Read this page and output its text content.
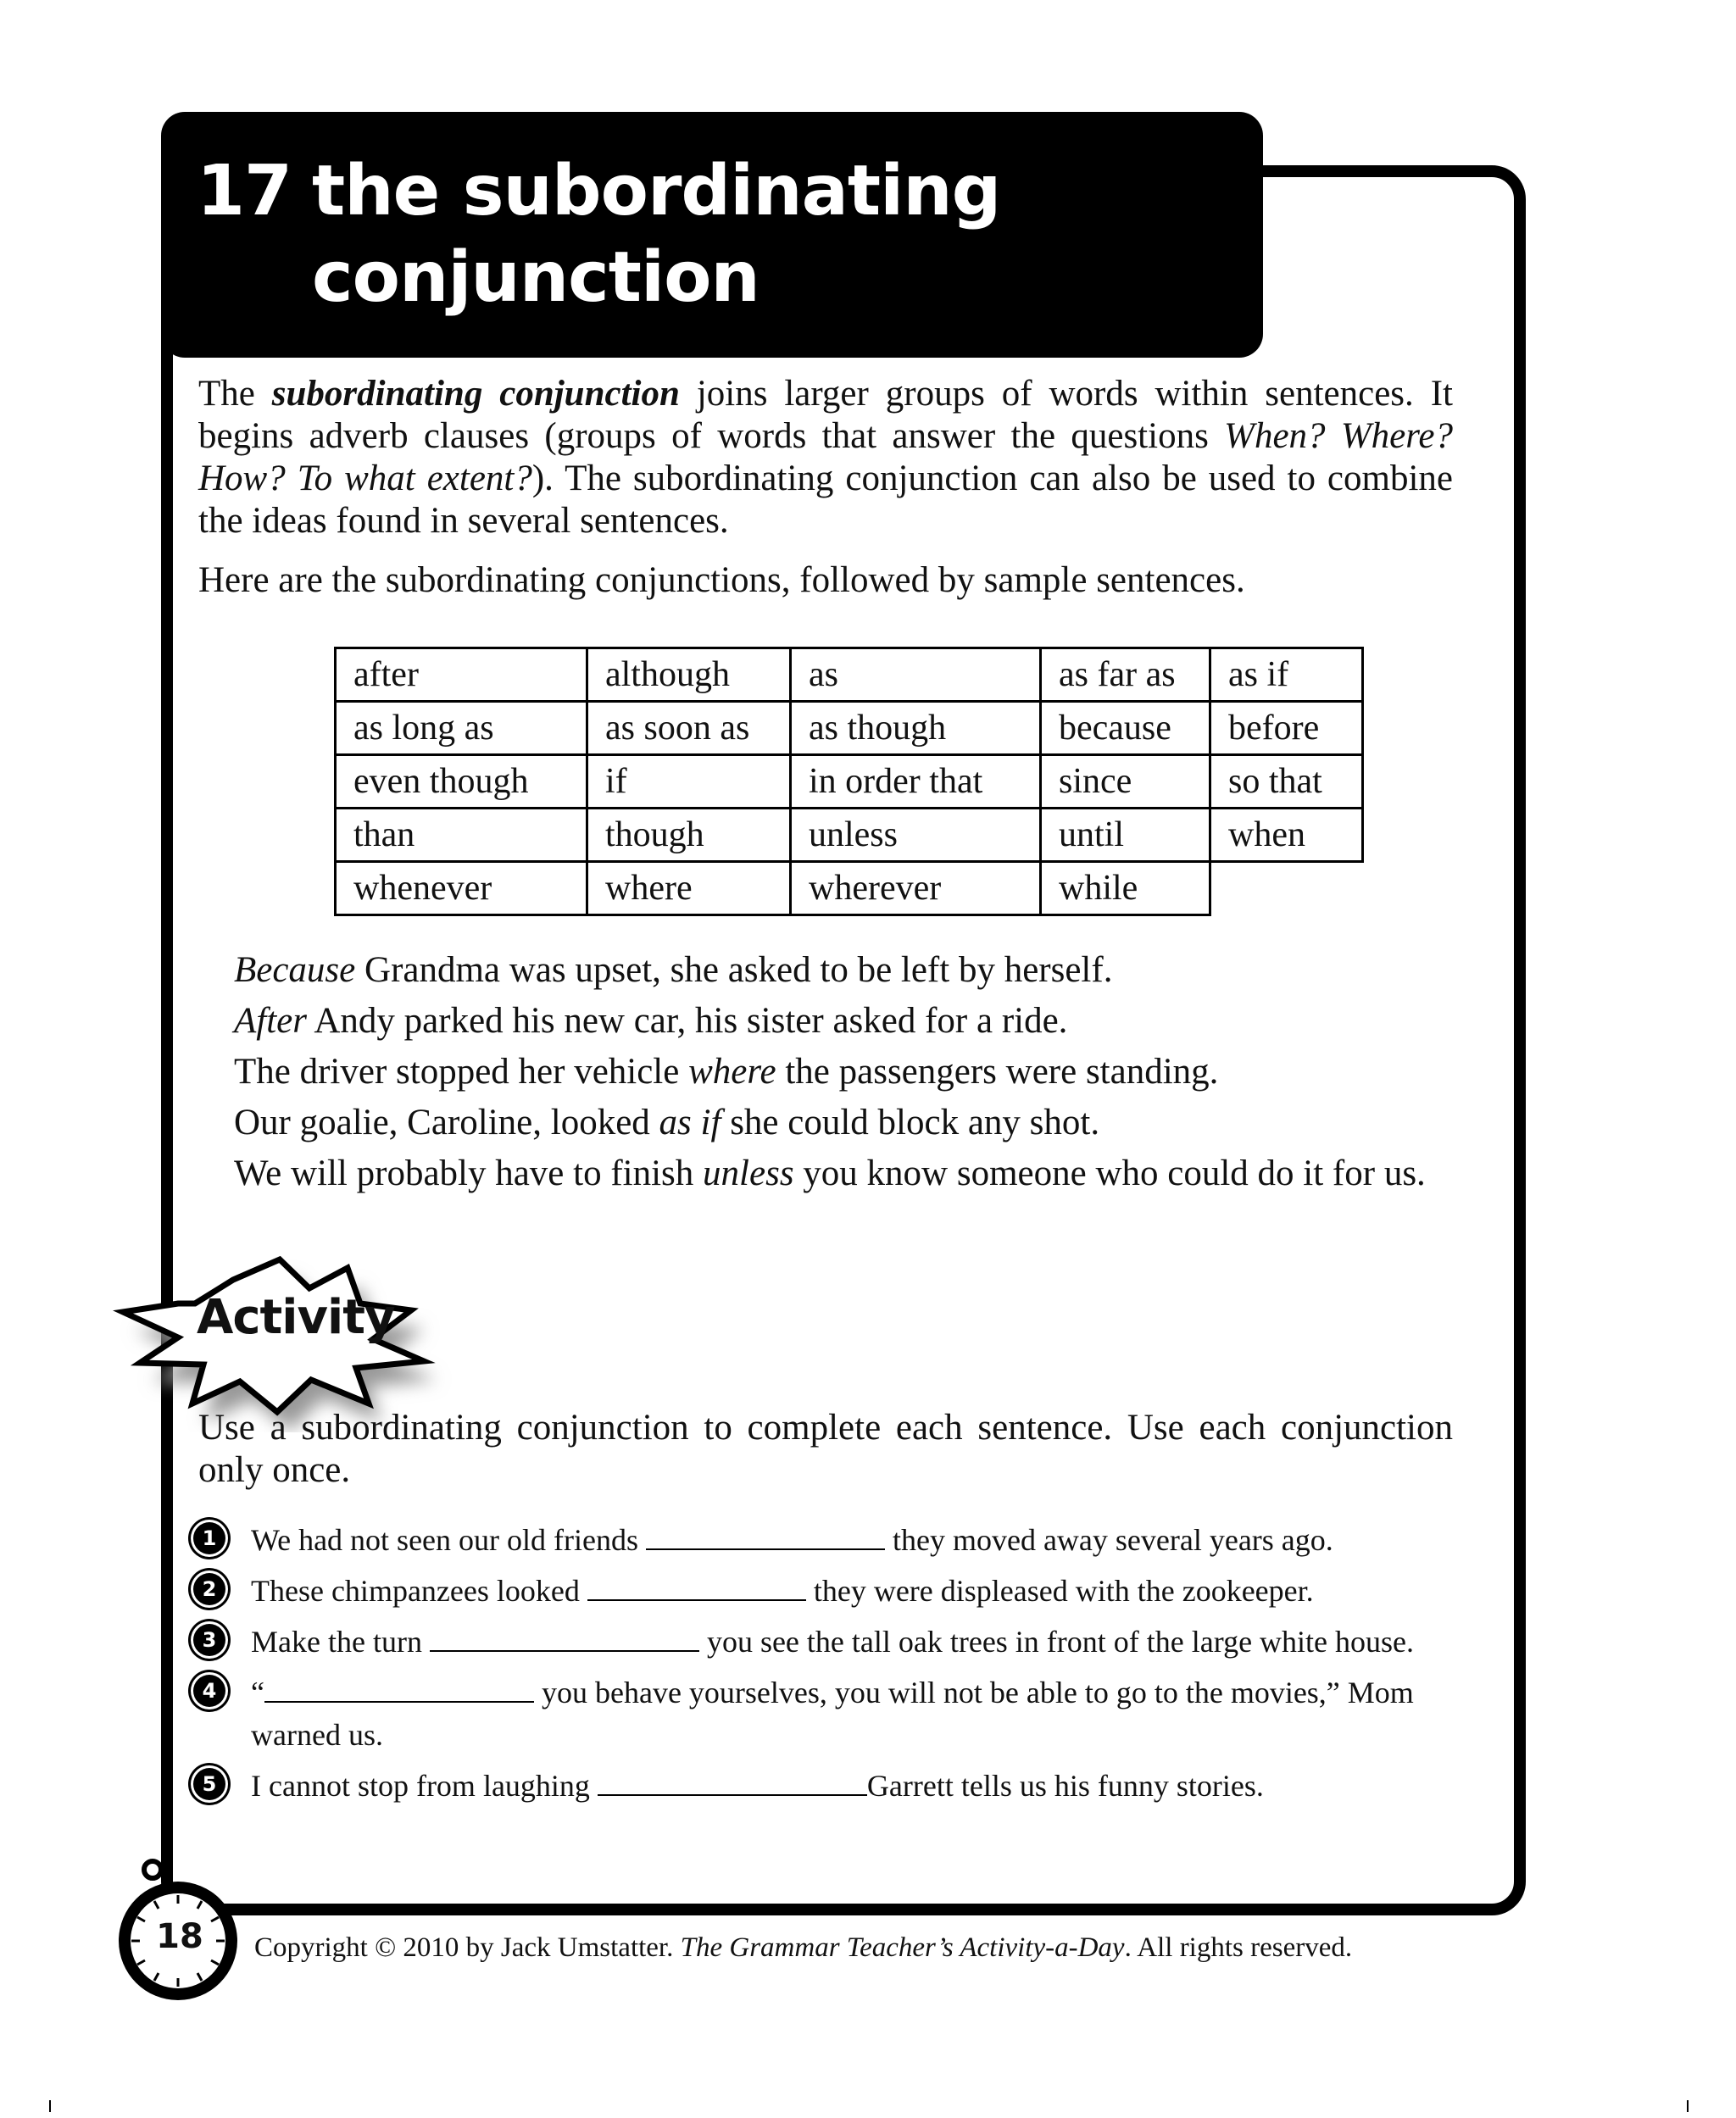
17 the subordinating conjunction

The subordinating conjunction joins larger groups of words within sentences. It begins adverb clauses (groups of words that answer the questions When? Where? How? To what extent?). The subordinating conjunction can also be used to combine the ideas found in several sentences.

Here are the subordinating conjunctions, followed by sample sentences.

after	although	as	as far as	as if
as long as	as soon as	as though	because	before
even though	if	in order that	since	so that
than	though	unless	until	when
whenever	where	wherever	while	

Because Grandma was upset, she asked to be left by herself.

After Andy parked his new car, his sister asked for a ride.

The driver stopped her vehicle where the passengers were standing.

Our goalie, Caroline, looked as if she could block any shot.

We will probably have to finish unless you know someone who could do it for us.

Activity

Use a subordinating conjunction to complete each sentence. Use each conjunction only once.

1 We had not seen our old friends	they moved away several years ago.
2 These chimpanzees looked	they were displeased with the zookeeper.
3 Make the turn	you see the tall oak trees in front of the large white house.
4 “	you behave yourselves, you will not be able to go to the movies,” Mom warned us.
5 I cannot stop from laughing	Garrett tells us his funny stories.
18	Copyright © 2010 by Jack Umstatter. The Grammar Teacher’s Activity-a-Day. All rights reserved.
